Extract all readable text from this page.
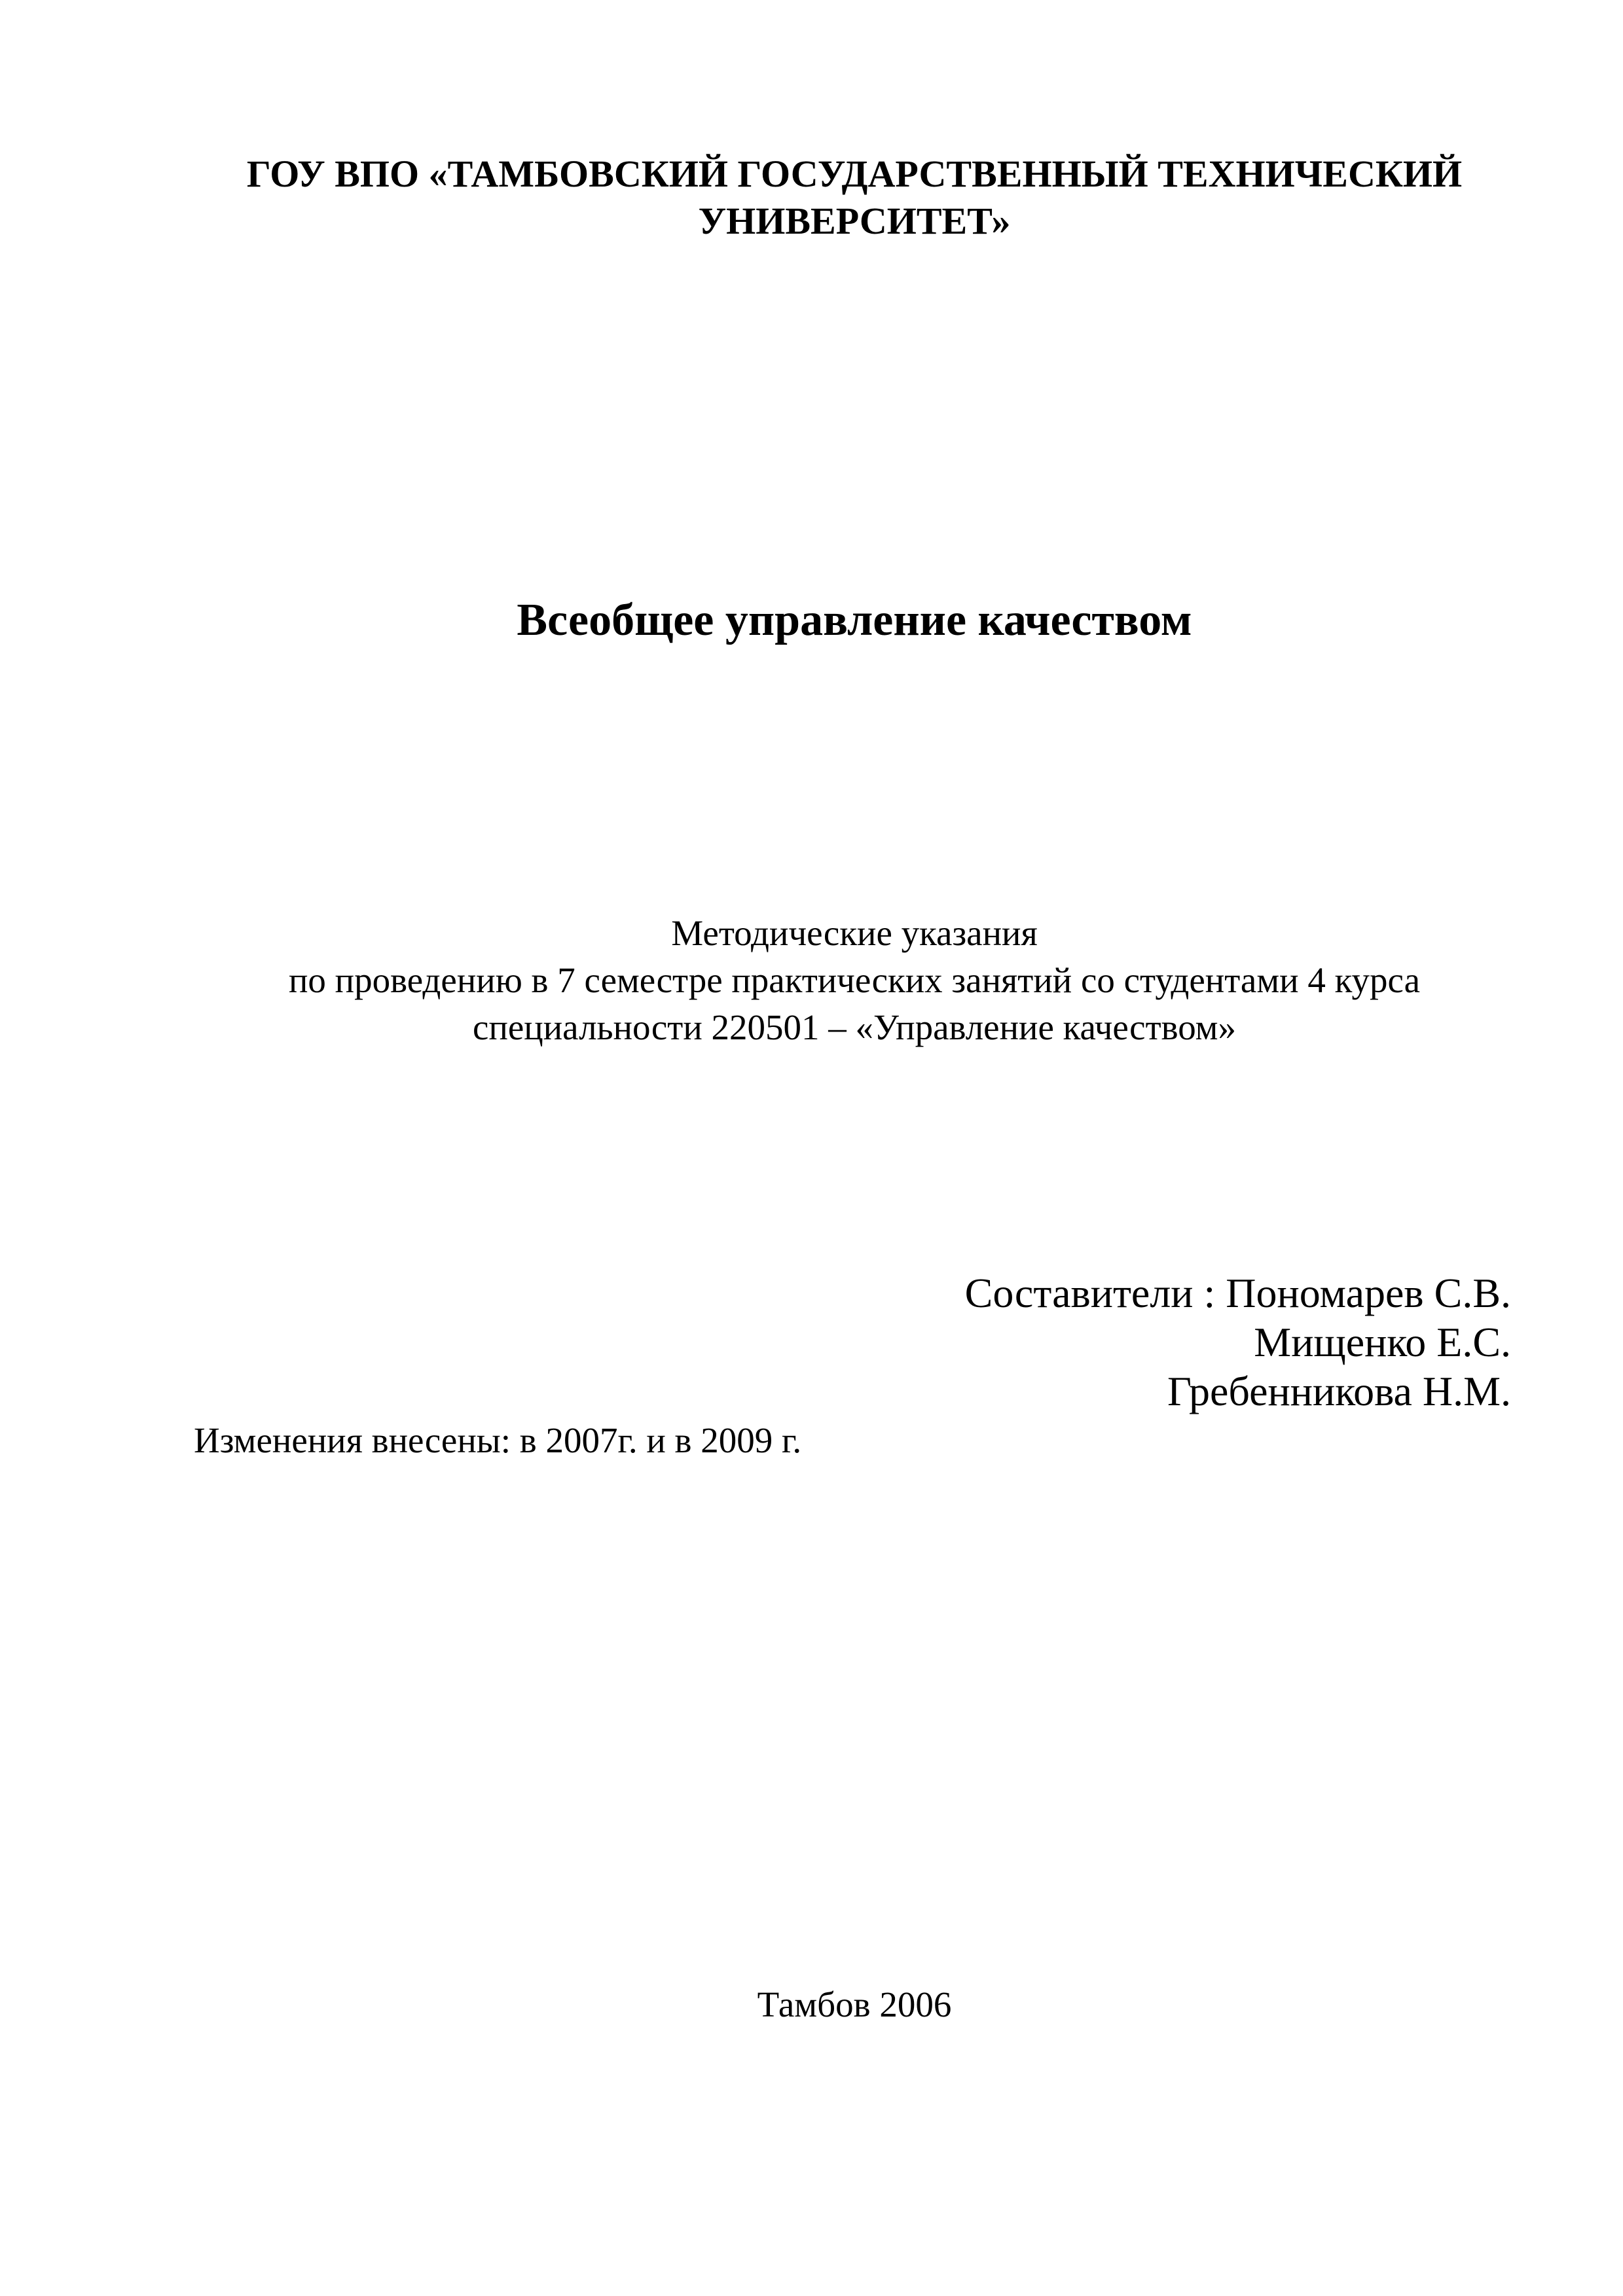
ГОУ ВПО «ТАМБОВСКИЙ ГОСУДАРСТВЕННЫЙ ТЕХНИЧЕСКИЙ
УНИВЕРСИТЕТ»
Всеобщее управление качеством
Методические указания
по проведению в 7 семестре практических занятий со студентами 4 курса
специальности 220501 – «Управление качеством»
Составители : Пономарев С.В.
Мищенко Е.С.
Гребенникова Н.М.
Изменения внесены: в 2007г. и в 2009 г.
Тамбов 2006
